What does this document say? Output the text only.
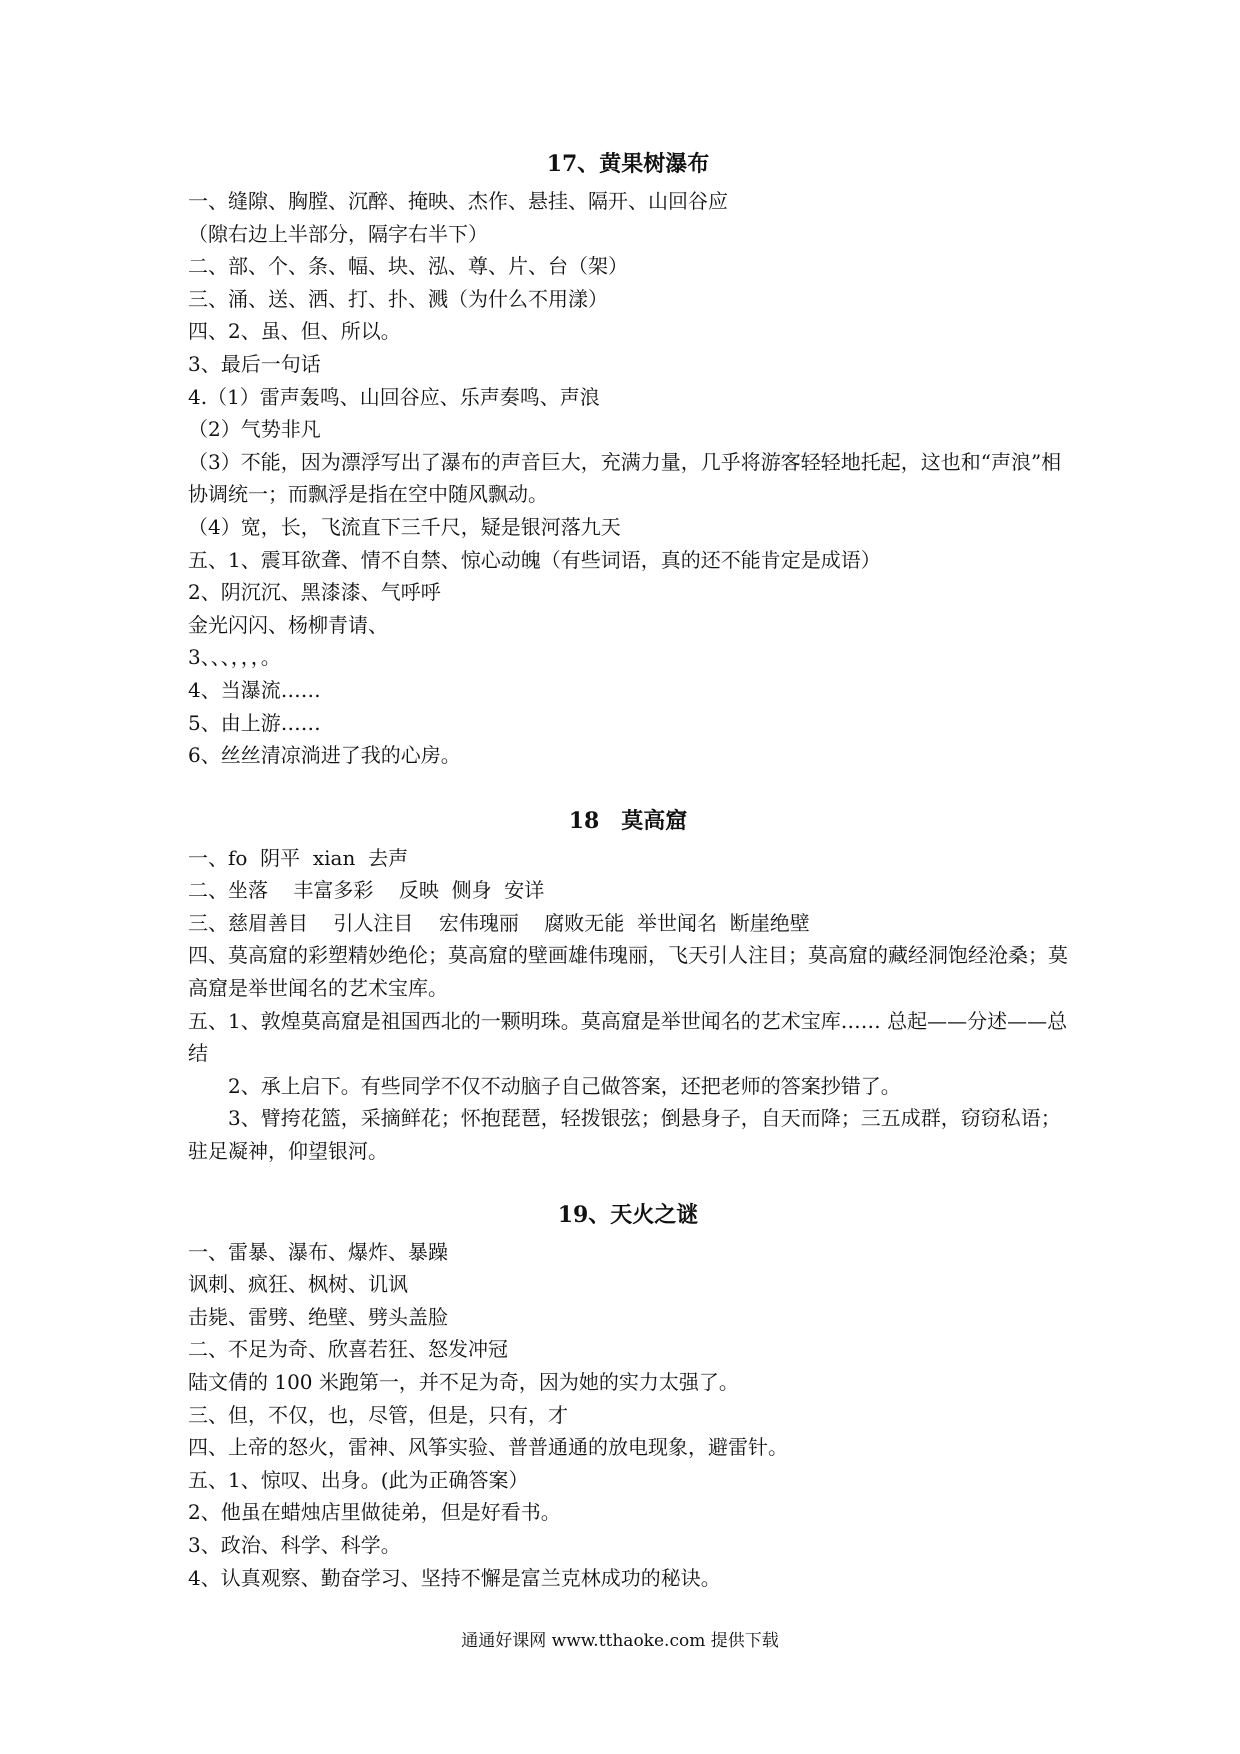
17、黄果树瀑布

一、缝隙、胸膛、沉醉、掩映、杰作、悬挂、隔开、山回谷应

（隙右边上半部分，隔字右半下）

二、部、个、条、幅、块、泓、尊、片、台（架）

三、涌、送、洒、打、扑、溅（为什么不用漾）

四、2、虽、但、所以。

3、最后一句话

4.（1）雷声轰鸣、山回谷应、乐声奏鸣、声浪

（2）气势非凡

（3）不能，因为漂浮写出了瀑布的声音巨大，充满力量，几乎将游客轻轻地托起，这也和“声浪”相协调统一；而飘浮是指在空中随风飘动。

（4）宽，长，飞流直下三千尺，疑是银河落九天

五、1、震耳欲聋、情不自禁、惊心动魄（有些词语，真的还不能肯定是成语）

2、阴沉沉、黑漆漆、气呼呼

金光闪闪、杨柳青请、

3、、、，，，。

4、当瀑流……

5、由上游……

6、丝丝清凉淌进了我的心房。

18　莫高窟

一、fo  阴平  xian  去声

二、坐落    丰富多彩    反映  侧身  安详

三、慈眉善目    引人注目    宏伟瑰丽    腐败无能  举世闻名  断崖绝壁

四、莫高窟的彩塑精妙绝伦；莫高窟的壁画雄伟瑰丽，飞天引人注目；莫高窟的藏经洞饱经沧桑；莫高窟是举世闻名的艺术宝库。

五、1、敦煌莫高窟是祖国西北的一颗明珠。莫高窟是举世闻名的艺术宝库…… 总起——分述——总结

2、承上启下。有些同学不仅不动脑子自己做答案，还把老师的答案抄错了。

3、臂挎花篮，采摘鲜花；怀抱琵琶，轻拨银弦；倒悬身子，自天而降；三五成群，窃窃私语；驻足凝神，仰望银河。

19、天火之谜

一、雷暴、瀑布、爆炸、暴躁

讽刺、疯狂、枫树、讥讽

击毙、雷劈、绝壁、劈头盖脸

二、不足为奇、欣喜若狂、怒发冲冠

陆文倩的 100 米跑第一，并不足为奇，因为她的实力太强了。

三、但，不仅，也，尽管，但是，只有，才

四、上帝的怒火，雷神、风筝实验、普普通通的放电现象，避雷针。

五、1、惊叹、出身。(此为正确答案）

2、他虽在蜡烛店里做徒弟，但是好看书。

3、政治、科学、科学。

4、认真观察、勤奋学习、坚持不懈是富兰克林成功的秘诀。

通通好课网 www.tthaoke.com 提供下载
